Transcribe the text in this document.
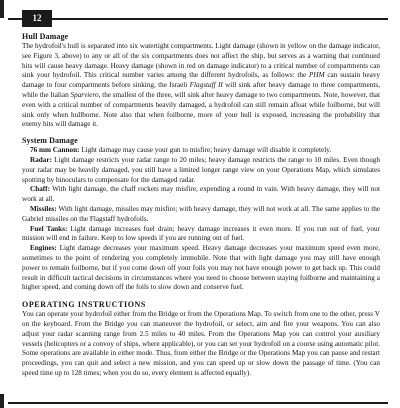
12
Hull Damage

The hydrofoil's hull is separated into six watertight compartments. Light damage (shown in yellow on the damage indicator, see Figure 3, above) to any or all of the six compartments does not affect the ship, but serves as a warning that continued hits will cause heavy damage. Heavy damage (shown in red on damage indicator) to a critical number of compartments can sink your hydrofoil. This critical number varies among the different hydrofoils, as follows: the PHM can sustain heavy damage to four compartments before sinking, the Israeli Flagstaff II will sink after heavy damage to three compartments, while the Italian Sparviero, the smallest of the three, will sink after heavy damage to two compartments. Note, however, that even with a critical number of compartments heavily damaged, a hydrofoil can still remain afloat while foilborne, but will sink only when hullborne. Note also that when foilborne, more of your hull is exposed, increasing the probability that enemy hits will damage it.

System Damage

76 mm Cannon: Light damage may cause your gun to misfire; heavy damage will disable it completely.

Radar: Light damage restricts your radar range to 20 miles; heavy damage restricts the range to 10 miles. Even though your radar may be heavily damaged, you still have a limited longer range view on your Operations Map, which simulates spotting by binoculars to compensate for the damaged radar.

Chaff: With light damage, the chaff rockets may misfire, expending a round in vain. With heavy damage, they will not work at all.

Missiles: With light damage, missiles may misfire; with heavy damage, they will not work at all. The same applies to the Gabriel missiles on the Flagstaff hydrofoils.

Fuel Tanks: Light damage increases fuel drain; heavy damage increases it even more. If you run out of fuel, your mission will end in failure. Keep to low speeds if you are running out of fuel.

Engines: Light damage decreases your maximum speed. Heavy damage decreases your maximum speed even more, sometimes to the point of rendering you completely immobile. Note that with light damage you may still have enough power to remain foilborne, but if you come down off your foils you may not have enough power to get back up. This could result in difficult tactical decisions in circumstances where you need to choose between staying foilborne and maintaining a higher speed, and coming down off the foils to slow down and conserve fuel.

OPERATING INSTRUCTIONS

You can operate your hydrofoil either from the Bridge or from the Operations Map. To switch from one to the other, press V on the keyboard. From the Bridge you can maneuver the hydrofoil, or select, aim and fire your weapons. You can also adjust your radar scanning range from 2.5 miles to 40 miles. From the Operations Map you can control your auxiliary vessels (helicopters or a convoy of ships, where applicable), or you can set your hydrofoil on a course using automatic pilot. Some operations are available in either mode. Thus, from either the Bridge or the Operations Map you can pause and restart proceedings, you can quit and select a new mission, and you can speed up or slow down the passage of time. (You can speed time up to 128 times; when you do so, every element is affected equally).
